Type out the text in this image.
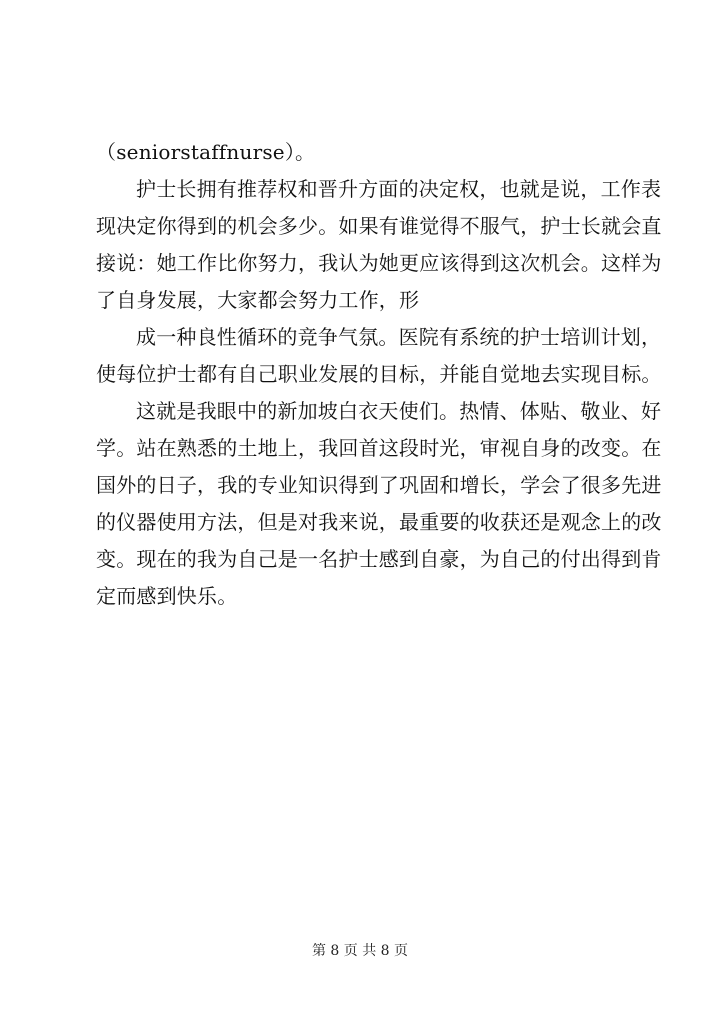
（seniorstaffnurse）。
护士长拥有推荐权和晋升方面的决定权，也就是说，工作表
现决定你得到的机会多少。如果有谁觉得不服气，护士长就会直
接说：她工作比你努力，我认为她更应该得到这次机会。这样为
了自身发展，大家都会努力工作，形
成一种良性循环的竞争气氛。医院有系统的护士培训计划，
使每位护士都有自己职业发展的目标，并能自觉地去实现目标。
这就是我眼中的新加坡白衣天使们。热情、体贴、敬业、好
学。站在熟悉的土地上，我回首这段时光，审视自身的改变。在
国外的日子，我的专业知识得到了巩固和增长，学会了很多先进
的仪器使用方法，但是对我来说，最重要的收获还是观念上的改
变。现在的我为自己是一名护士感到自豪，为自己的付出得到肯
定而感到快乐。
第 8 页 共 8 页
